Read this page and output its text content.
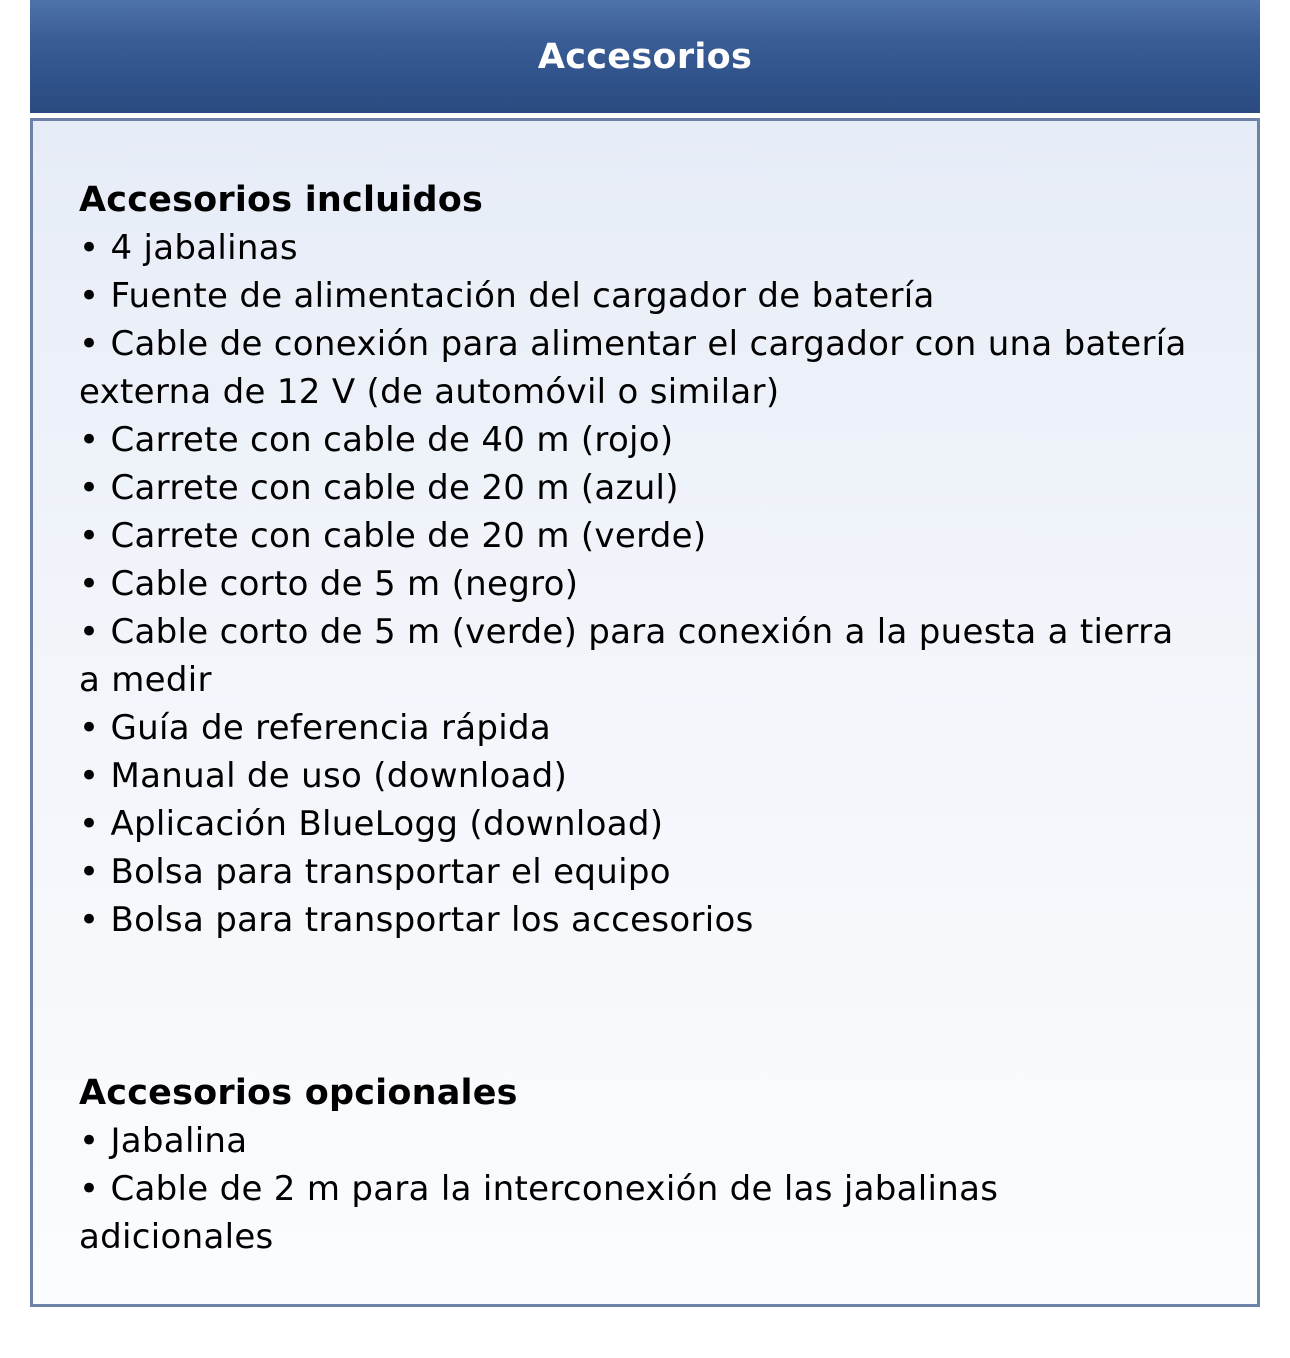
Accesorios

Accesorios incluidos

• 4 jabalinas

• Fuente de alimentación del cargador de batería

• Cable de conexión para alimentar el cargador con una batería externa de 12 V (de automóvil o similar)

• Carrete con cable de 40 m (rojo)

• Carrete con cable de 20 m (azul)

• Carrete con cable de 20 m (verde)

• Cable corto de 5 m (negro)

• Cable corto de 5 m (verde) para conexión a la puesta a tierra a medir

• Guía de referencia rápida

• Manual de uso (download)

• Aplicación BlueLogg (download)

• Bolsa para transportar el equipo

• Bolsa para transportar los accesorios

Accesorios opcionales

• Jabalina

• Cable de 2 m para la interconexión de las jabalinas adicionales
